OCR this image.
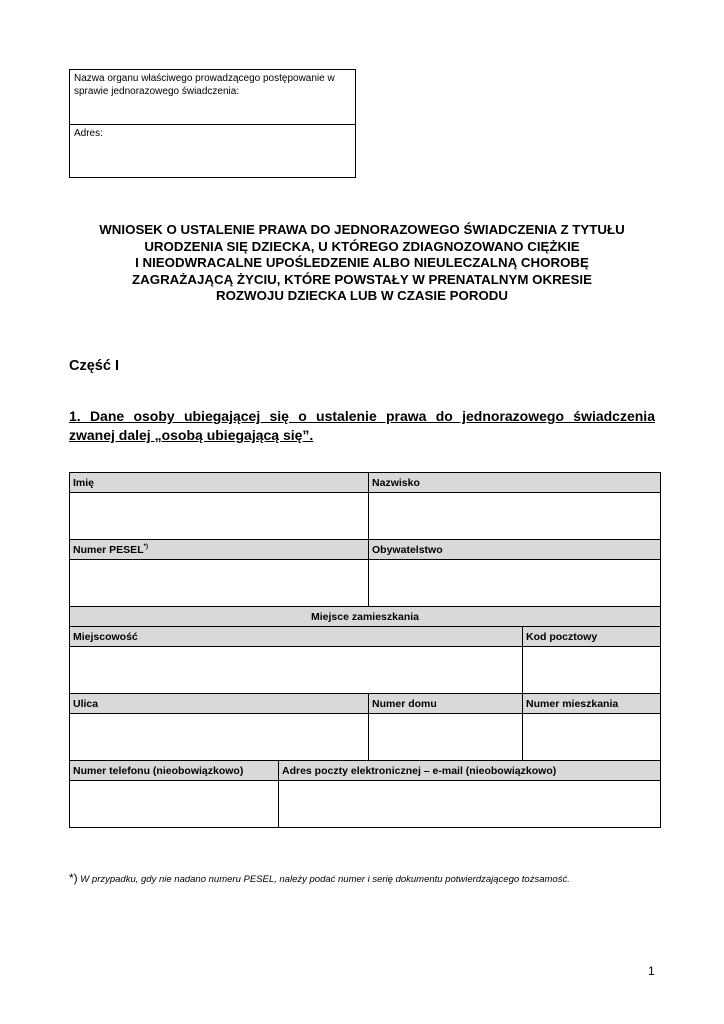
Nazwa organu właściwego prowadzącego postępowanie w sprawie jednorazowego świadczenia:
Adres:
WNIOSEK O USTALENIE PRAWA DO JEDNORAZOWEGO ŚWIADCZENIA Z TYTUŁU
URODZENIA SIĘ DZIECKA, U KTÓREGO ZDIAGNOZOWANO CIĘŻKIE
I NIEODWRACALNE UPOŚLEDZENIE ALBO NIEULECZALNĄ CHOROBĘ
ZAGRAŻAJĄCĄ ŻYCIU, KTÓRE POWSTAŁY W PRENATALNYM OKRESIE
ROZWOJU DZIECKA LUB W CZASIE PORODU
Część I
1. Dane osoby ubiegającej się o ustalenie prawa do jednorazowego świadczenia
zwanej dalej „osobą ubiegającą się”.
Imię		Nazwisko	

Numer PESEL*)		Obywatelstwo	

Miejsce zamieszkania			
Miejscowość			Kod pocztowy

Ulica		Numer domu	Numer mieszkania

Numer telefonu (nieobowiązkowo)	Adres poczty elektronicznej – e-mail (nieobowiązkowo)		

*) W przypadku, gdy nie nadano numeru PESEL, należy podać numer i serię dokumentu potwierdzającego tożsamość.
1
